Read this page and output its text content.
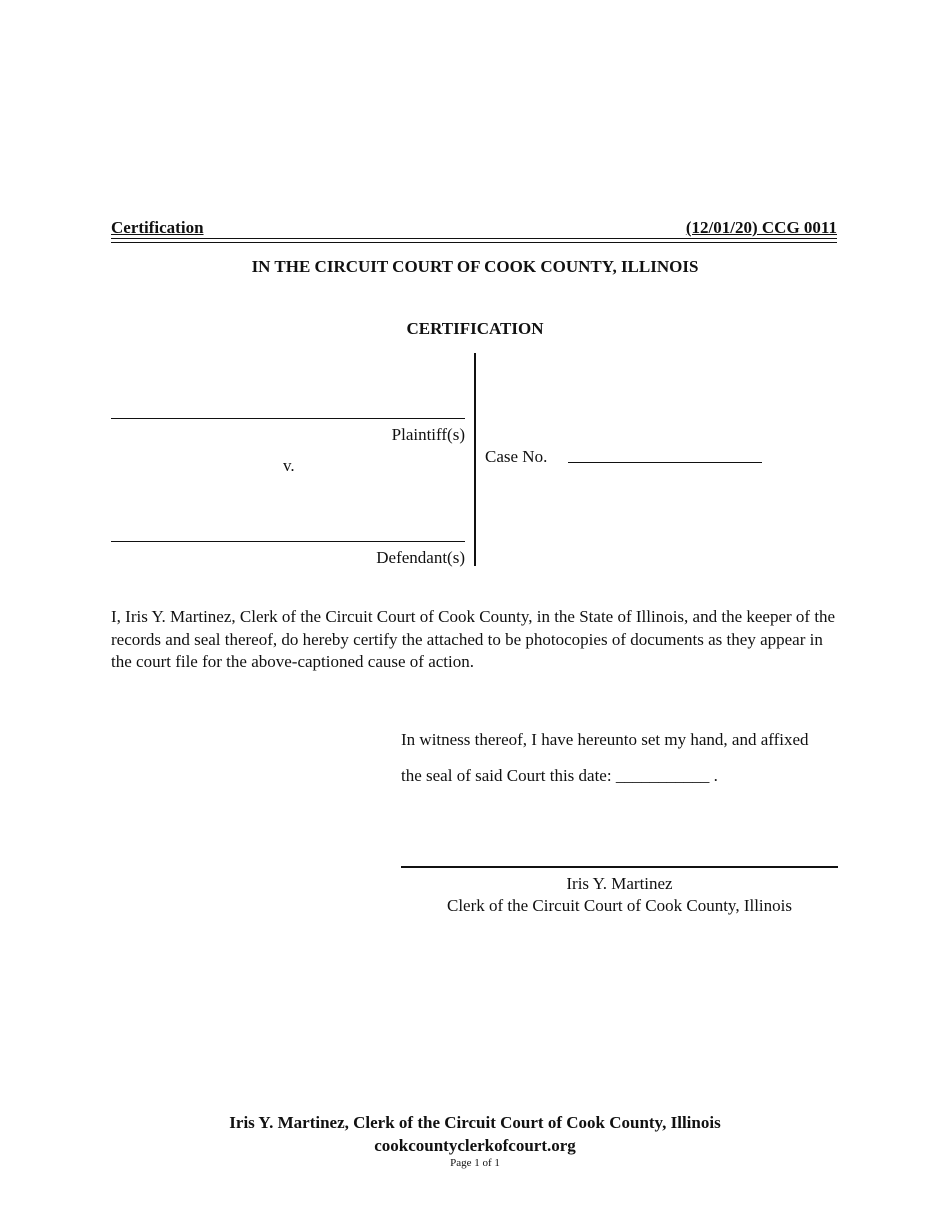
Certification	(12/01/20) CCG 0011
IN THE CIRCUIT COURT OF COOK COUNTY, ILLINOIS
CERTIFICATION
Plaintiff(s)
v.
Defendant(s)
Case No.
I, Iris Y. Martinez, Clerk of the Circuit Court of Cook County, in the State of Illinois, and the keeper of the records and seal thereof, do hereby certify the attached to be photocopies of documents as they appear in the court file for the above-captioned cause of action.
In witness thereof, I have hereunto set my hand, and affixed
the seal of said Court this date: ___________ .
Iris Y. Martinez
Clerk of the Circuit Court of Cook County, Illinois
Iris Y. Martinez, Clerk of the Circuit Court of Cook County, Illinois
cookcountyclerkofcourt.org
Page 1 of 1
